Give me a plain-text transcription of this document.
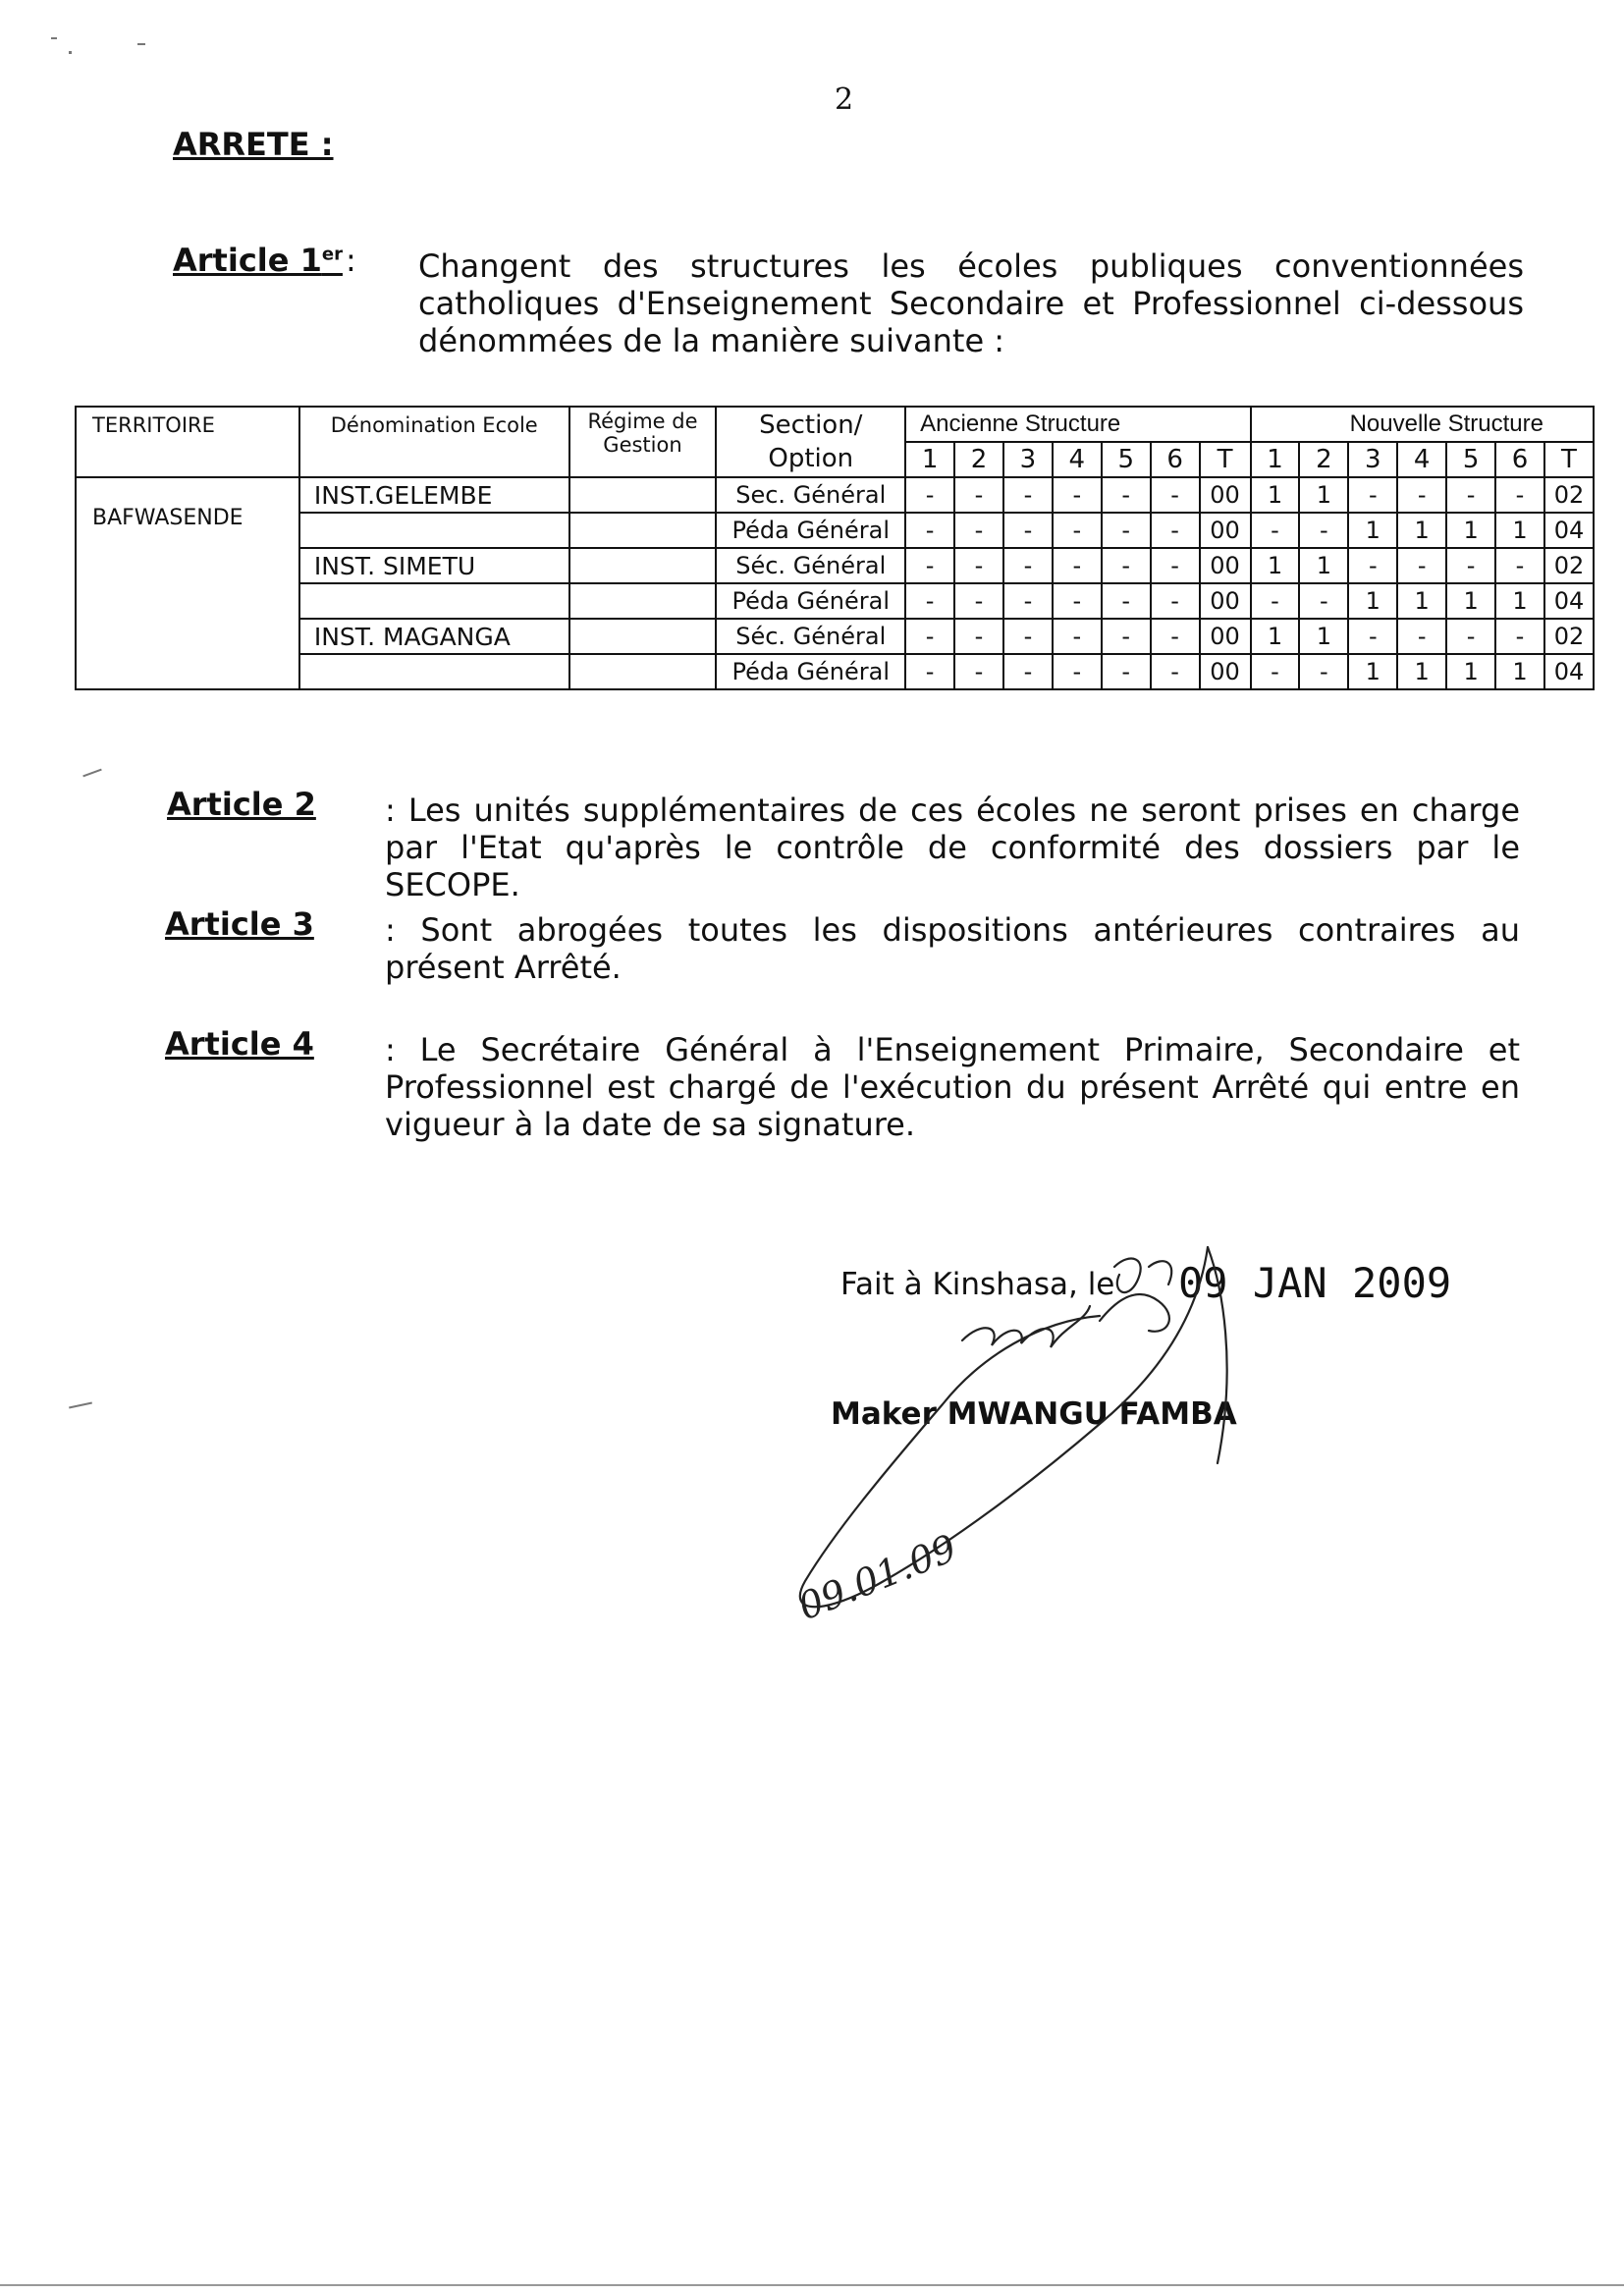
2
ARRETE :
Article 1er : Changent des structures les écoles publiques conventionnées catholiques d'Enseignement Secondaire et Professionnel ci-dessous dénommées de la manière suivante :
TERRITOIRE	Dénomination Ecole	Régime de Gestion	Section/ Option	Ancienne Structure							Nouvelle Structure						
				1	2	3	4	5	6	T	1	2	3	4	5	6	T
BAFWASENDE	INST.GELEMBE		Sec. Général	-	-	-	-	-	-	00	1	1	-	-	-	-	02
			Péda Général	-	-	-	-	-	-	00	-	-	1	1	1	1	04
	INST. SIMETU		Séc. Général	-	-	-	-	-	-	00	1	1	-	-	-	-	02
			Péda Général	-	-	-	-	-	-	00	-	-	1	1	1	1	04
	INST. MAGANGA		Séc. Général	-	-	-	-	-	-	00	1	1	-	-	-	-	02
			Péda Général	-	-	-	-	-	-	00	-	-	1	1	1	1	04
Article 2 : Les unités supplémentaires de ces écoles ne seront prises en charge par l'Etat qu'après le contrôle de conformité des dossiers par le SECOPE.
Article 3 : Sont abrogées toutes les dispositions antérieures contraires au présent Arrêté.
Article 4 : Le Secrétaire Général à l'Enseignement Primaire, Secondaire et Professionnel est chargé de l'exécution du présent Arrêté qui entre en vigueur à la date de sa signature.
Fait à Kinshasa, le 09 JAN 2009
Maker MWANGU FAMBA
09.01.09
